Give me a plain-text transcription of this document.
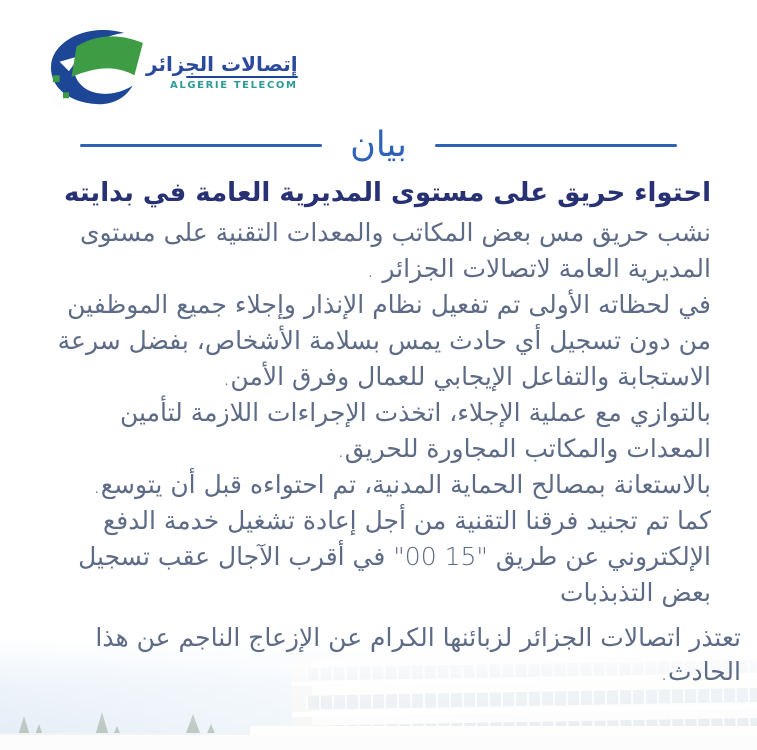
إتصالات الجزائر
ALGERIE TELECOM
بيان
احتواء حريق على مستوى المديرية العامة في بدايته

نشب حريق مس بعض المكاتب والمعدات التقنية على مستوى المديرية العامة لاتصالات الجزائر .

في لحظاته الأولى تم تفعيل نظام الإنذار وإجلاء جميع الموظفين من دون تسجيل أي حادث يمس بسلامة الأشخاص، بفضل سرعة الاستجابة والتفاعل الإيجابي للعمال وفرق الأمن.

بالتوازي مع عملية الإجلاء، اتخذت الإجراءات اللازمة لتأمين المعدات والمكاتب المجاورة للحريق.

بالاستعانة بمصالح الحماية المدنية، تم احتواءه قبل أن يتوسع.

كما تم تجنيد فرقنا التقنية من أجل إعادة تشغيل خدمة الدفع الإلكتروني عن طريق "15 00" في أقرب الآجال عقب تسجيل بعض التذبذبات

تعتذر اتصالات الجزائر لزبائنها الكرام عن الإزعاج الناجم عن هذا الحادث.
